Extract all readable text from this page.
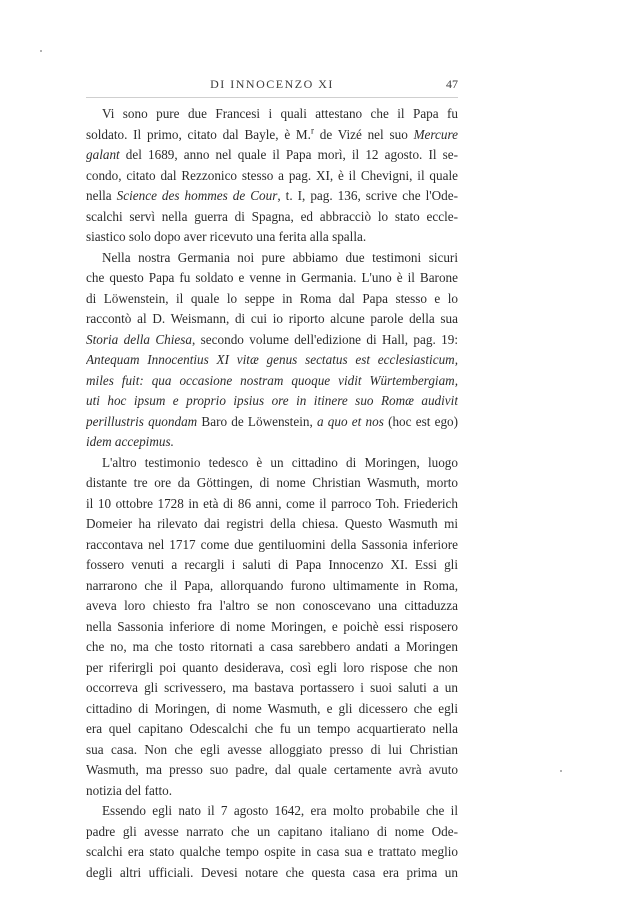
DI INNOCENZO XI	47
Vi sono pure due Francesi i quali attestano che il Papa fu
soldato. Il primo, citato dal Bayle, è M.$^r$ de Vizé nel suo Mercure
galant del 1689, anno nel quale il Papa morì, il 12 agosto. Il se-
condo, citato dal Rezzonico stesso a pag. XI, è il Chevigni, il quale
nella Science des hommes de Cour, t. I, pag. 136, scrive che l'Ode-
scalchi servì nella guerra di Spagna, ed abbracciò lo stato eccle-
siastico solo dopo aver ricevuto una ferita alla spalla.
Nella nostra Germania noi pure abbiamo due testimoni sicuri
che questo Papa fu soldato e venne in Germania. L'uno è il Barone
di Löwenstein, il quale lo seppe in Roma dal Papa stesso e lo
raccontò al D. Weismann, di cui io riporto alcune parole della sua
Storia della Chiesa, secondo volume dell'edizione di Hall, pag. 19:
Antequam Innocentius XI vitæ genus sectatus est ecclesiasticum,
miles fuit: qua occasione nostram quoque vidit Würtembergiam,
uti hoc ipsum e proprio ipsius ore in itinere suo Romæ audivit
perillustris quondam Baro de Löwenstein, a quo et nos (hoc est ego)
idem accepimus.
L'altro testimonio tedesco è un cittadino di Moringen, luogo
distante tre ore da Göttingen, di nome Christian Wasmuth, morto
il 10 ottobre 1728 in età di 86 anni, come il parroco Toh. Friederich
Domeier ha rilevato dai registri della chiesa. Questo Wasmuth mi
raccontava nel 1717 come due gentiluomini della Sassonia inferiore
fossero venuti a recargli i saluti di Papa Innocenzo XI. Essi gli
narrarono che il Papa, allorquando furono ultimamente in Roma,
aveva loro chiesto fra l'altro se non conoscevano una cittaduzza
nella Sassonia inferiore di nome Moringen, e poichè essi risposero
che no, ma che tosto ritornati a casa sarebbero andati a Moringen
per riferirgli poi quanto desiderava, così egli loro rispose che non
occorreva gli scrivessero, ma bastava portassero i suoi saluti a un
cittadino di Moringen, di nome Wasmuth, e gli dicessero che egli
era quel capitano Odescalchi che fu un tempo acquartierato nella
sua casa. Non che egli avesse alloggiato presso di lui Christian
Wasmuth, ma presso suo padre, dal quale certamente avrà avuto
notizia del fatto.
Essendo egli nato il 7 agosto 1642, era molto probabile che il
padre gli avesse narrato che un capitano italiano di nome Ode-
scalchi era stato qualche tempo ospite in casa sua e trattato meglio
degli altri ufficiali. Devesi notare che questa casa era prima un
